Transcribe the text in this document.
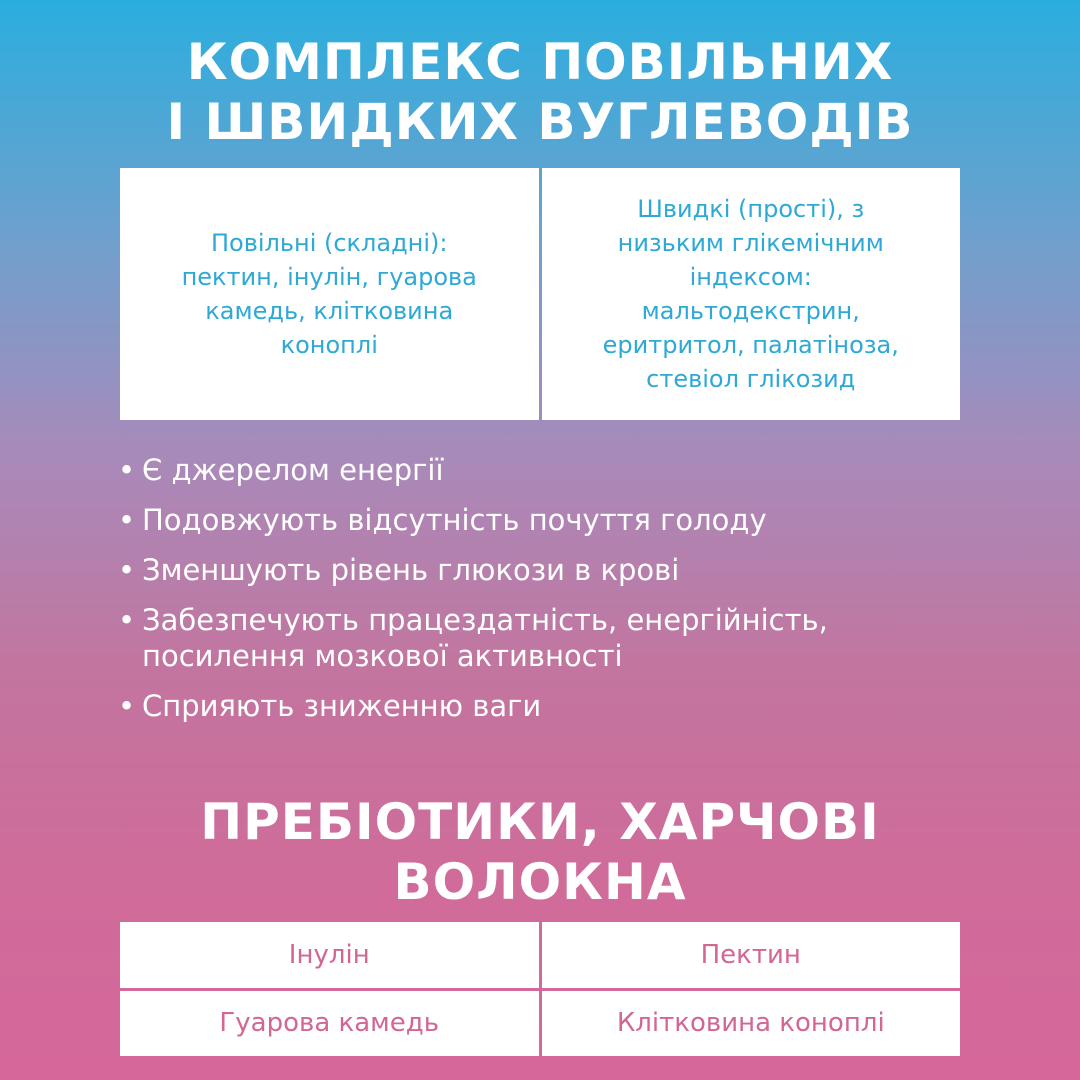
КОМПЛЕКС ПОВІЛЬНИХ
І ШВИДКИХ ВУГЛЕВОДІВ
Повільні (складні):
пектин, інулін, гуарова
камедь, клітковина
коноплі
Швидкі (прості), з
низьким глікемічним
індексом:
мальтодекстрин,
еритритол, палатіноза,
стевіол глікозид
• Є джерелом енергії
• Подовжують відсутність почуття голоду
• Зменшують рівень глюкози в крові
• Забезпечують працездатність, енергійність,
посилення мозкової активності
• Сприяють зниженню ваги
ПРЕБІОТИКИ, ХАРЧОВІ
ВОЛОКНА
Інулін	Пектин
Гуарова камедь	Клітковина коноплі
